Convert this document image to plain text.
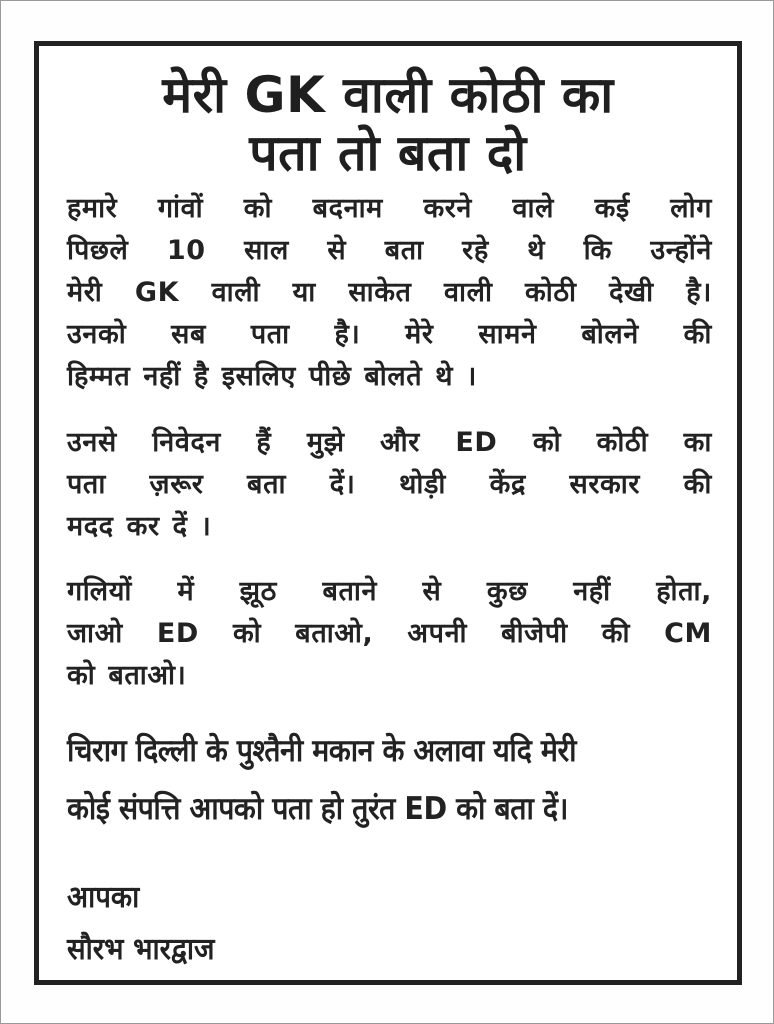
मेरी GK वाली कोठी का
पता तो बता दो
हमारे गांवों को बदनाम करने वाले कई लोग
पिछले 10 साल से बता रहे थे कि उन्होंने
मेरी GK वाली या साकेत वाली कोठी देखी है।
उनको सब पता है। मेरे सामने बोलने की
हिम्मत नहीं है इसलिए पीछे बोलते थे ।
उनसे निवेदन हैं मुझे और ED को कोठी का
पता ज़रूर बता दें। थोड़ी केंद्र सरकार की
मदद कर दें ।
गलियों में झूठ बताने से कुछ नहीं होता,
जाओ ED को बताओ, अपनी बीजेपी की CM
को बताओ।
चिराग दिल्ली के पुश्तैनी मकान के अलावा यदि मेरी
कोई संपत्ति आपको पता हो तुरंत ED को बता दें।
आपका
सौरभ भारद्वाज
